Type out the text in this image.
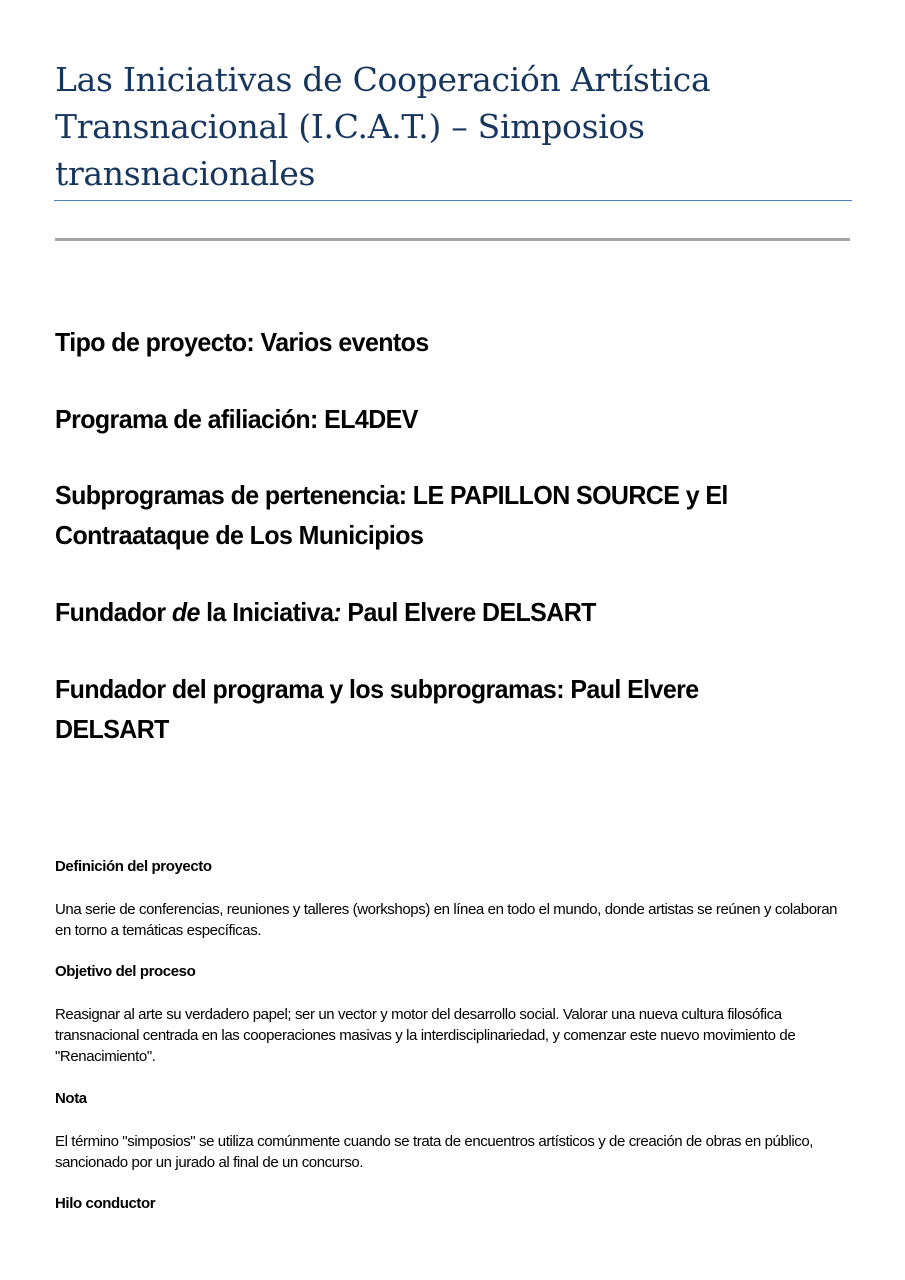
Las Iniciativas de Cooperación Artística Transnacional (I.C.A.T.) – Simposios transnacionales

Tipo de proyecto: Varios eventos

Programa de afiliación: EL4DEV

Subprogramas de pertenencia: LE PAPILLON SOURCE y El Contraataque de Los Municipios

Fundador de la Iniciativa: Paul Elvere DELSART

Fundador del programa y los subprogramas: Paul Elvere DELSART

Definición del proyecto

Una serie de conferencias, reuniones y talleres (workshops) en línea en todo el mundo, donde artistas se reúnen y colaboran en torno a temáticas específicas.

Objetivo del proceso

Reasignar al arte su verdadero papel; ser un vector y motor del desarrollo social. Valorar una nueva cultura filosófica transnacional centrada en las cooperaciones masivas y la interdisciplinariedad, y comenzar este nuevo movimiento de "Renacimiento".

Nota

El término "simposios" se utiliza comúnmente cuando se trata de encuentros artísticos y de creación de obras en público, sancionado por un jurado al final de un concurso.

Hilo conductor
